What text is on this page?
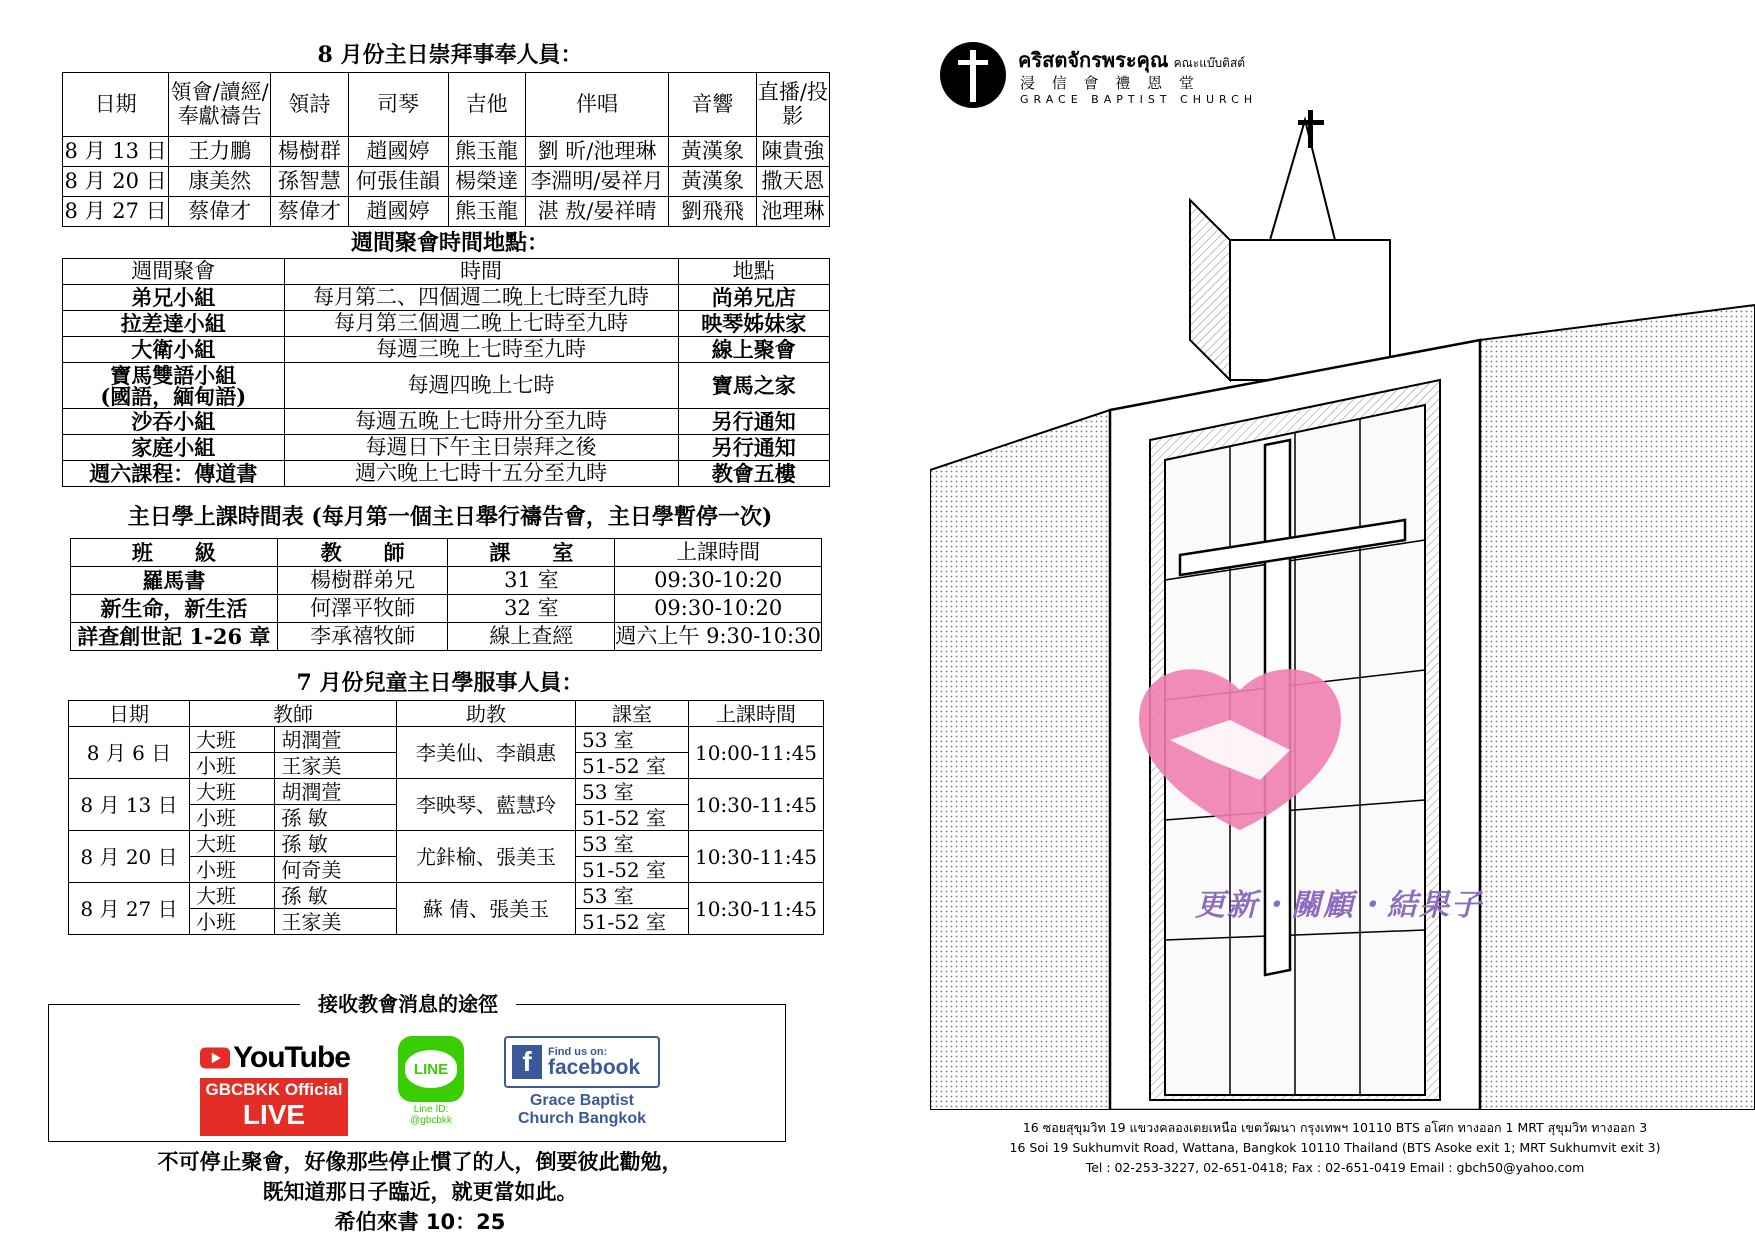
8 月份主日崇拜事奉人員：
日期	領會/讀經/奉獻禱告	領詩	司琴	吉他	伴唱	音響	直播/投影
8 月 13 日	王力鵬	楊樹群	趙國婷	熊玉龍	劉 昕/池理琳	黃漢象	陳貴強
8 月 20 日	康美然	孫智慧	何張佳韻	楊榮達	李淵明/晏祥月	黃漢象	撒天恩
8 月 27 日	蔡偉才	蔡偉才	趙國婷	熊玉龍	湛 敖/晏祥晴	劉飛飛	池理琳
週間聚會時間地點：
週間聚會	時間	地點
弟兄小組	每月第二、四個週二晚上七時至九時	尚弟兄店
拉差達小組	每月第三個週二晚上七時至九時	映琴姊妹家
大衛小組	每週三晚上七時至九時	線上聚會
寶馬雙語小組
(國語，緬甸語)	每週四晚上七時	寶馬之家
沙吞小組	每週五晚上七時卅分至九時	另行通知
家庭小組	每週日下午主日崇拜之後	另行通知
週六課程：傳道書	週六晚上七時十五分至九時	教會五樓
主日學上課時間表 (每月第一個主日舉行禱告會，主日學暫停一次)
班　　級	教　　師	課　　室	上課時間
羅馬書	楊樹群弟兄	31 室	09:30-10:20
新生命，新生活	何澤平牧師	32 室	09:30-10:20
詳查創世記 1-26 章	李承禧牧師	線上查經	週六上午 9:30-10:30
7 月份兒童主日學服事人員：
日期	教師		助教	課室	上課時間
8 月 6 日	大班	胡潤萱	李美仙、李韻惠	53 室	10:00-11:45
	小班	王家美		51-52 室	
8 月 13 日	大班	胡潤萱	李映琴、藍慧玲	53 室	10:30-11:45
	小班	孫 敏		51-52 室	
8 月 20 日	大班	孫 敏	尤鉲榆、張美玉	53 室	10:30-11:45
	小班	何奇美		51-52 室	
8 月 27 日	大班	孫 敏	蘇 倩、張美玉	53 室	10:30-11:45
	小班	王家美		51-52 室	
接收教會消息的途徑
YouTube
GBCBKK Official
LIVE
LINE
Line ID:
@gbcbkk
f	Find us on:
facebook
Grace Baptist Church Bangkok
不可停止聚會，好像那些停止慣了的人，倒要彼此勸勉，
既知道那日子臨近，就更當如此。
希伯來書 10：25
คริสตจักรพระคุณ คณะแบ๊บติสต์
浸 信 會 禮 恩 堂
GRACE BAPTIST CHURCH
更新・關顧・結果子
16 ซอยสุขุมวิท 19 แขวงคลองเตยเหนือ เขตวัฒนา กรุงเทพฯ 10110 BTS อโศก ทางออก 1 MRT สุขุมวิท ทางออก 3
16 Soi 19 Sukhumvit Road, Wattana, Bangkok 10110 Thailand (BTS Asoke exit 1; MRT Sukhumvit exit 3)
Tel : 02-253-3227, 02-651-0418; Fax : 02-651-0419 Email : gbch50@yahoo.com
